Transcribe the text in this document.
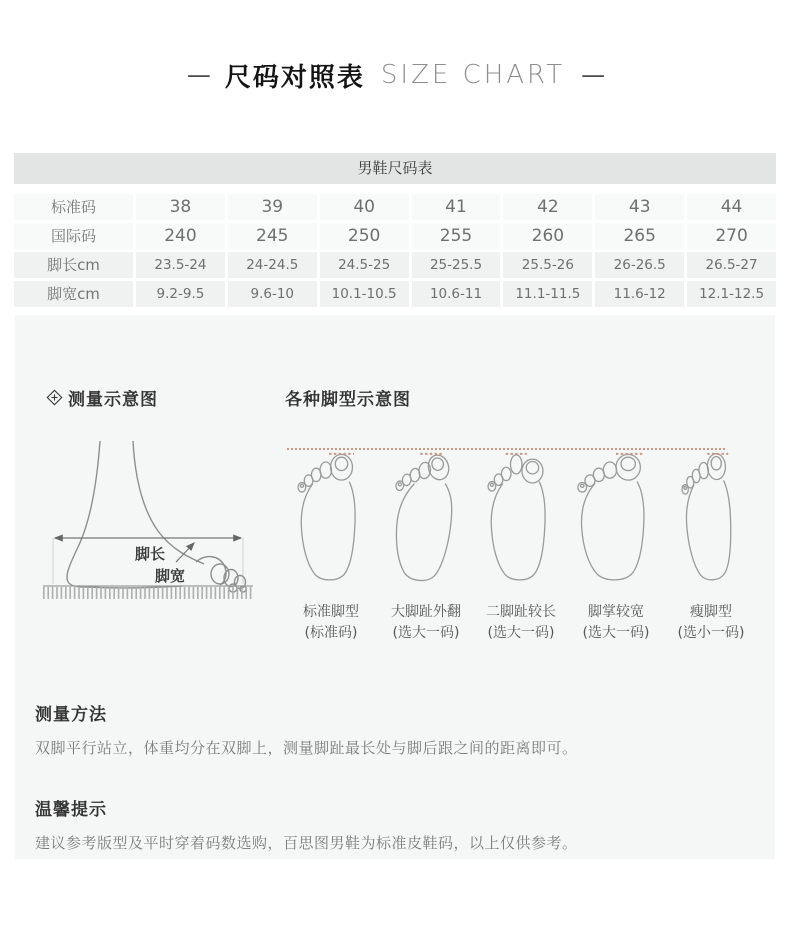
— 尺码对照表 SIZE CHART —
男鞋尺码表
标准码	38	39	40	41	42	43	44
国际码	240	245	250	255	260	265	270
脚长cm	23.5-24	24-24.5	24.5-25	25-25.5	25.5-26	26-26.5	26.5-27
脚宽cm	9.2-9.5	9.6-10	10.1-10.5	10.6-11	11.1-11.5	11.6-12	12.1-12.5
测量示意图	各种脚型示意图
脚长
脚宽
标准脚型
(标准码)
大脚趾外翻
(选大一码)
二脚趾较长
(选大一码)
脚掌较宽
(选大一码)
瘦脚型
(选小一码)
测量方法
双脚平行站立，体重均分在双脚上，测量脚趾最长处与脚后跟之间的距离即可。
温馨提示
建议参考版型及平时穿着码数选购，百思图男鞋为标准皮鞋码，以上仅供参考。
